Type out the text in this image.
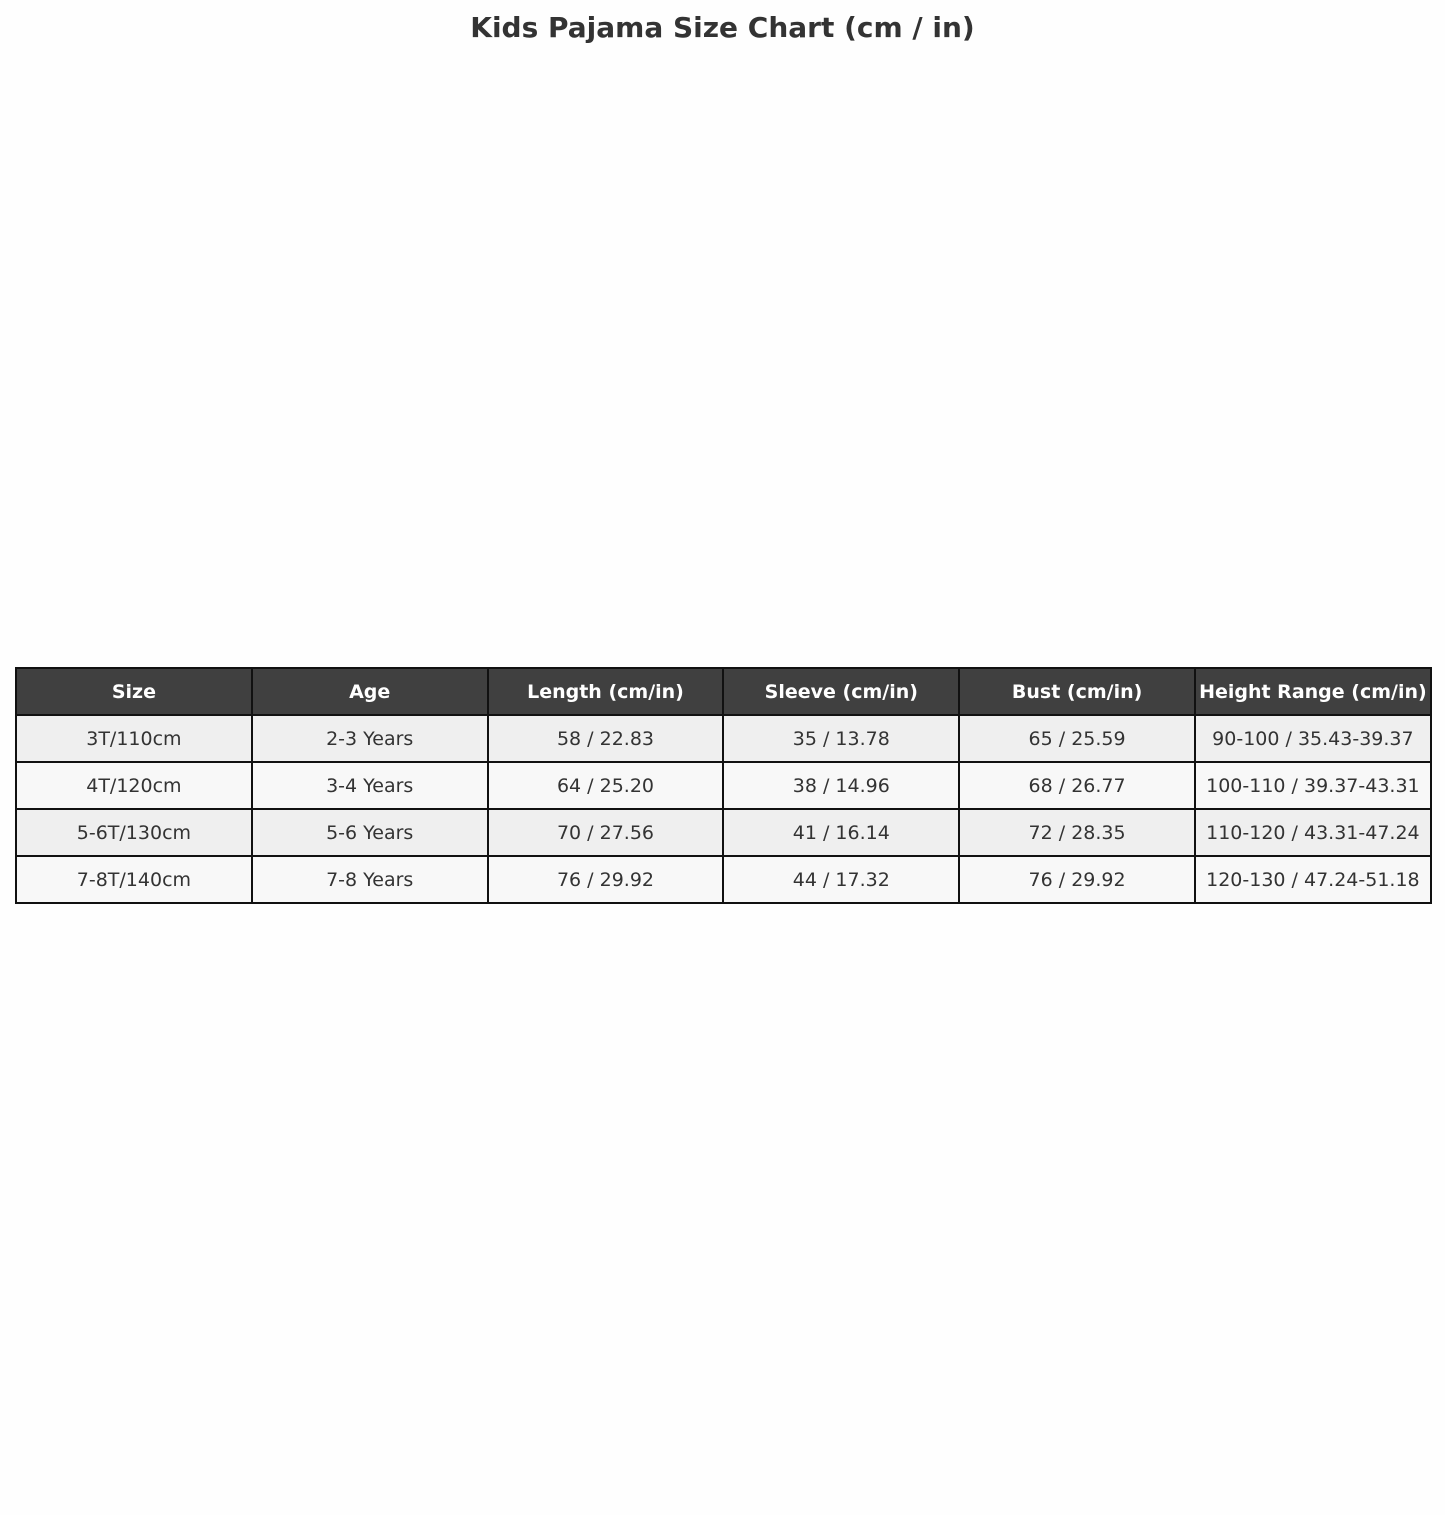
Kids Pajama Size Chart (cm / in)
Size	Age	Length (cm/in)	Sleeve (cm/in)	Bust (cm/in)	Height Range (cm/in)
3T/110cm	2-3 Years	58 / 22.83	35 / 13.78	65 / 25.59	90-100 / 35.43-39.37
4T/120cm	3-4 Years	64 / 25.20	38 / 14.96	68 / 26.77	100-110 / 39.37-43.31
5-6T/130cm	5-6 Years	70 / 27.56	41 / 16.14	72 / 28.35	110-120 / 43.31-47.24
7-8T/140cm	7-8 Years	76 / 29.92	44 / 17.32	76 / 29.92	120-130 / 47.24-51.18
